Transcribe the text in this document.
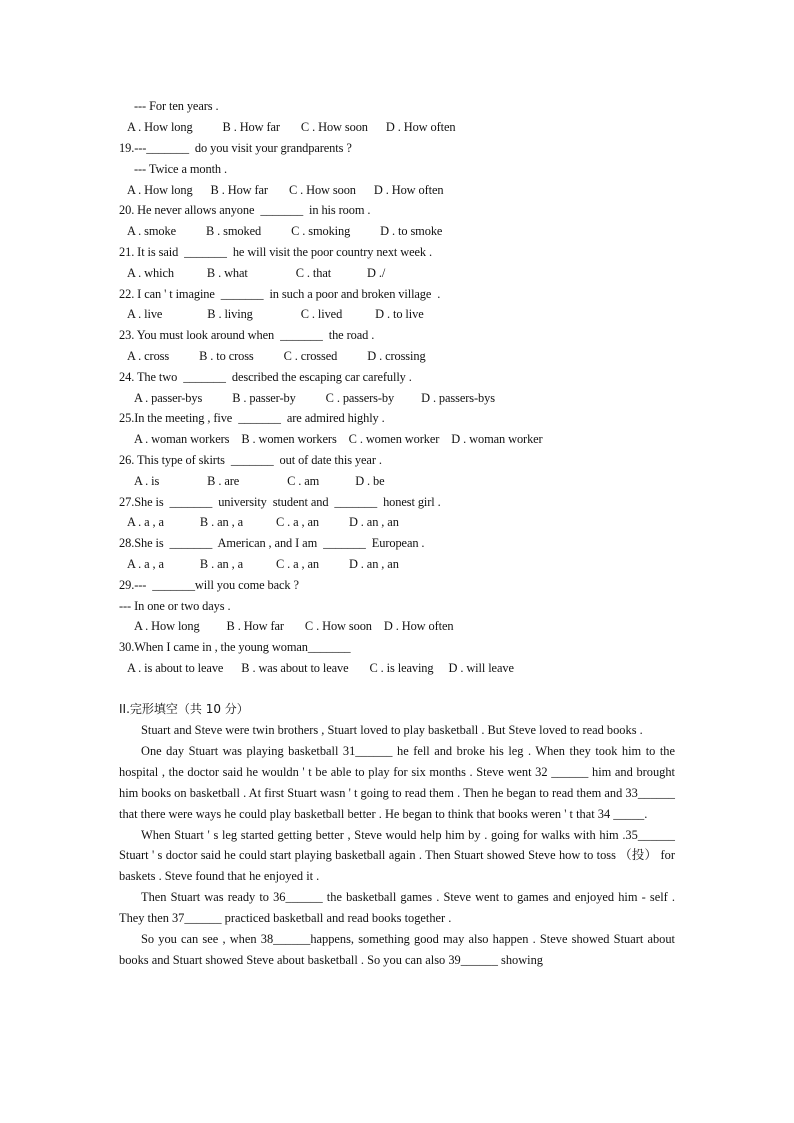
--- For ten years .
A . How long          B . How far       C . How soon      D . How often
19.---_______  do you visit your grandparents ?
--- Twice a month .
A . How long      B . How far       C . How soon      D . How often
20. He never allows anyone  _______  in his room .
A . smoke          B . smoked          C . smoking          D . to smoke
21. It is said  _______  he will visit the poor country next week .
A . which           B . what                C . that            D ./
22. I can ' t imagine  _______  in such a poor and broken village  .
A . live               B . living                C . lived           D . to live
23. You must look around when  _______  the road .
A . cross          B . to cross          C . crossed          D . crossing
24. The two  _______  described the escaping car carefully .
A . passer-bys          B . passer-by          C . passers-by         D . passers-bys
25.In the meeting , five  _______  are admired highly .
A . woman workers    B . women workers    C . women worker    D . woman worker
26. This type of skirts  _______  out of date this year .
A . is                B . are                C . am            D . be
27.She is  _______  university  student and  _______  honest girl .
A . a , a            B . an , a           C . a , an          D . an , an
28.She is  _______  American , and I am  _______  European .
A . a , a            B . an , a           C . a , an          D . an , an
29.---  _______will you come back ?
--- In one or two days .
A . How long         B . How far       C . How soon    D . How often
30.When I came in , the young woman_______
A . is about to leave      B . was about to leave       C . is leaving     D . will leave
II.完形填空（共 10 分）

Stuart and Steve were twin brothers , Stuart loved to play basketball . But Steve loved to read books .

One day Stuart was playing basketball 31______ he fell and broke his leg . When they took him to the hospital , the doctor said he wouldn ' t be able to play for six months . Steve went 32 ______ him and brought him books on basketball . At first Stuart wasn ' t going to read them . Then he began to read them and 33______ that there were ways he could play basketball better . He began to think that books weren ' t that 34 _____.

When Stuart ' s leg started getting better , Steve would help him by . going for walks with him .35______ Stuart ' s doctor said he could start playing basketball again . Then Stuart showed Steve how to toss （投） for baskets . Steve found that he enjoyed it .

Then Stuart was ready to 36______ the basketball games . Steve went to games and enjoyed him - self . They then 37______ practiced basketball and read books together .

So you can see , when 38______happens, something good may also happen . Steve showed Stuart about books and Stuart showed Steve about basketball . So you can also 39______ showing
